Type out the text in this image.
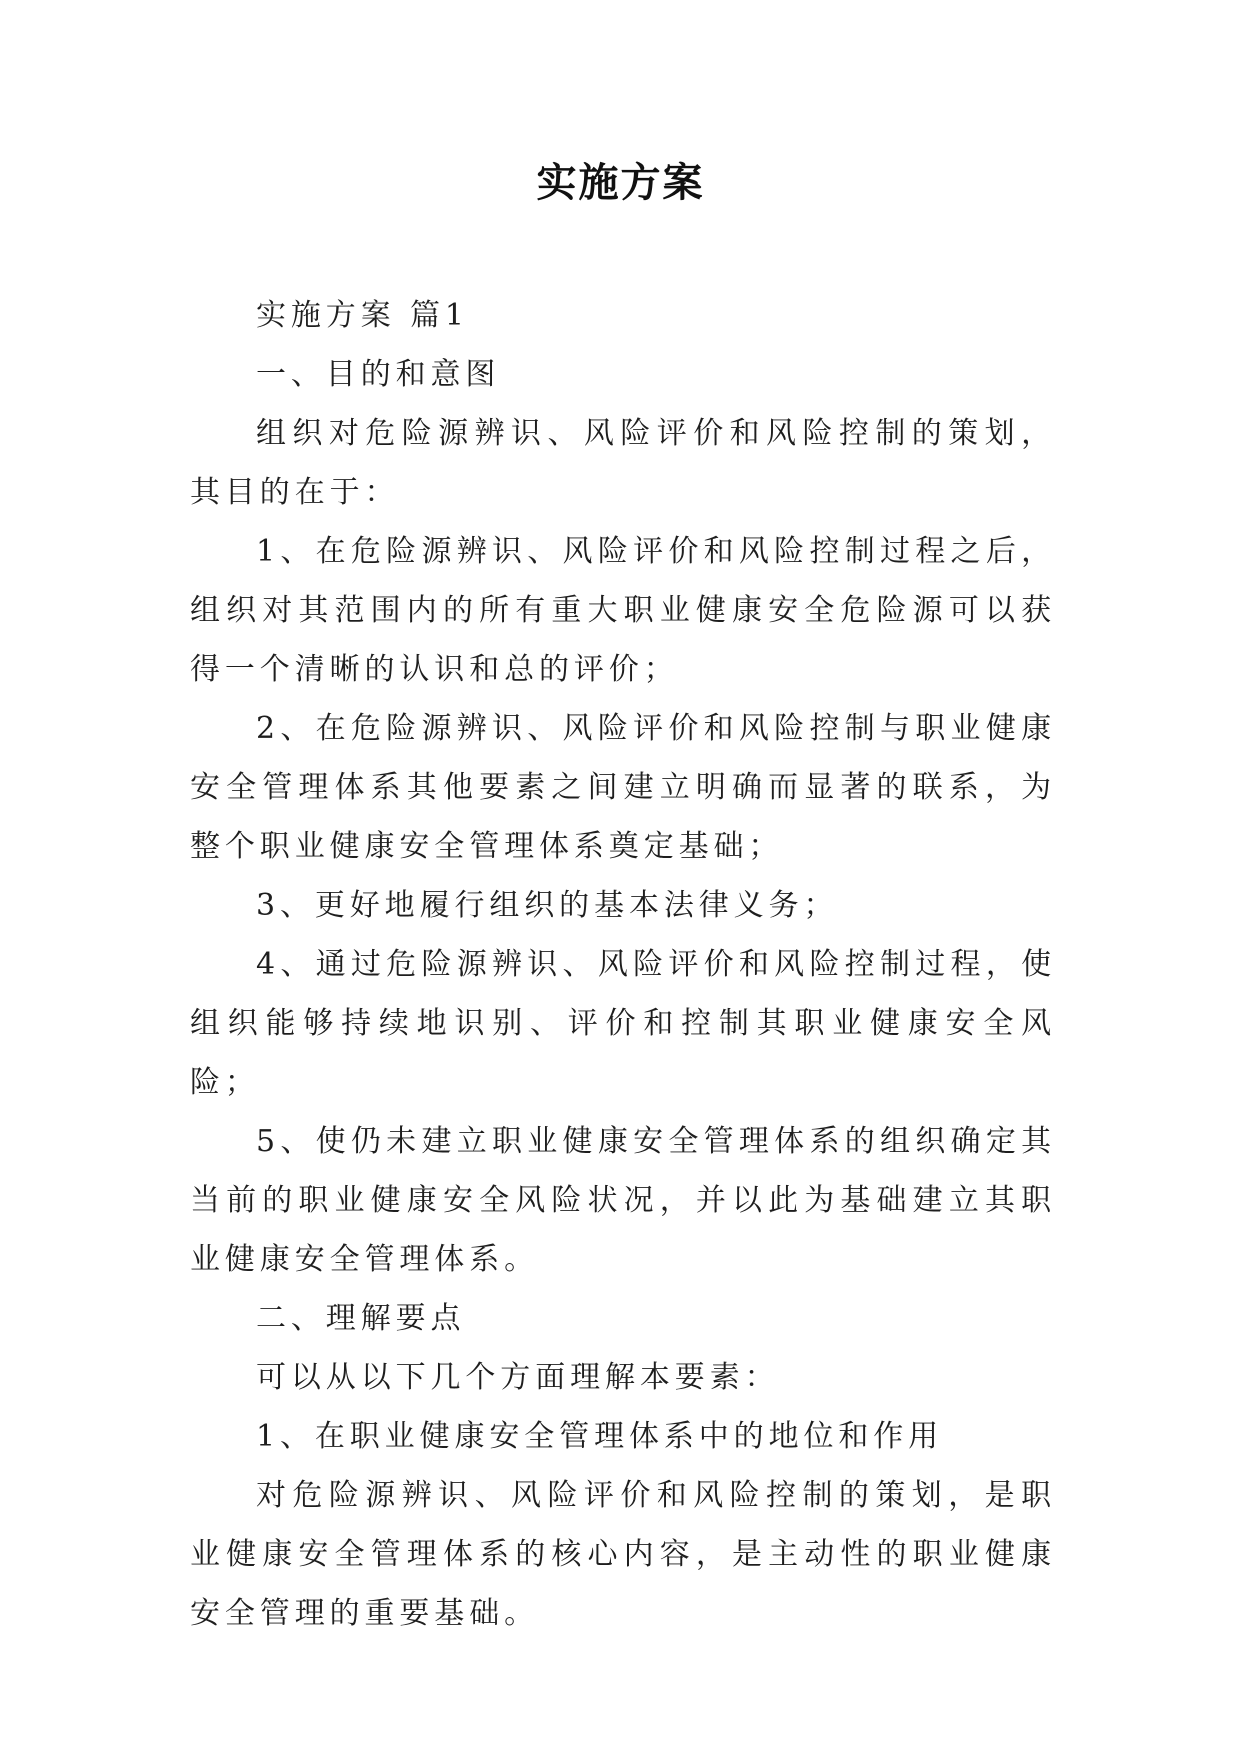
实施方案

实施方案 篇1

一、目的和意图

组织对危险源辨识、风险评价和风险控制的策划，其目的在于：

1、在危险源辨识、风险评价和风险控制过程之后，组织对其范围内的所有重大职业健康安全危险源可以获得一个清晰的认识和总的评价；

2、在危险源辨识、风险评价和风险控制与职业健康安全管理体系其他要素之间建立明确而显著的联系，为整个职业健康安全管理体系奠定基础；

3、更好地履行组织的基本法律义务；

4、通过危险源辨识、风险评价和风险控制过程，使组织能够持续地识别、评价和控制其职业健康安全风险；

5、使仍未建立职业健康安全管理体系的组织确定其当前的职业健康安全风险状况，并以此为基础建立其职业健康安全管理体系。

二、理解要点

可以从以下几个方面理解本要素：

1、在职业健康安全管理体系中的地位和作用

对危险源辨识、风险评价和风险控制的策划，是职业健康安全管理体系的核心内容，是主动性的职业健康安全管理的重要基础。
